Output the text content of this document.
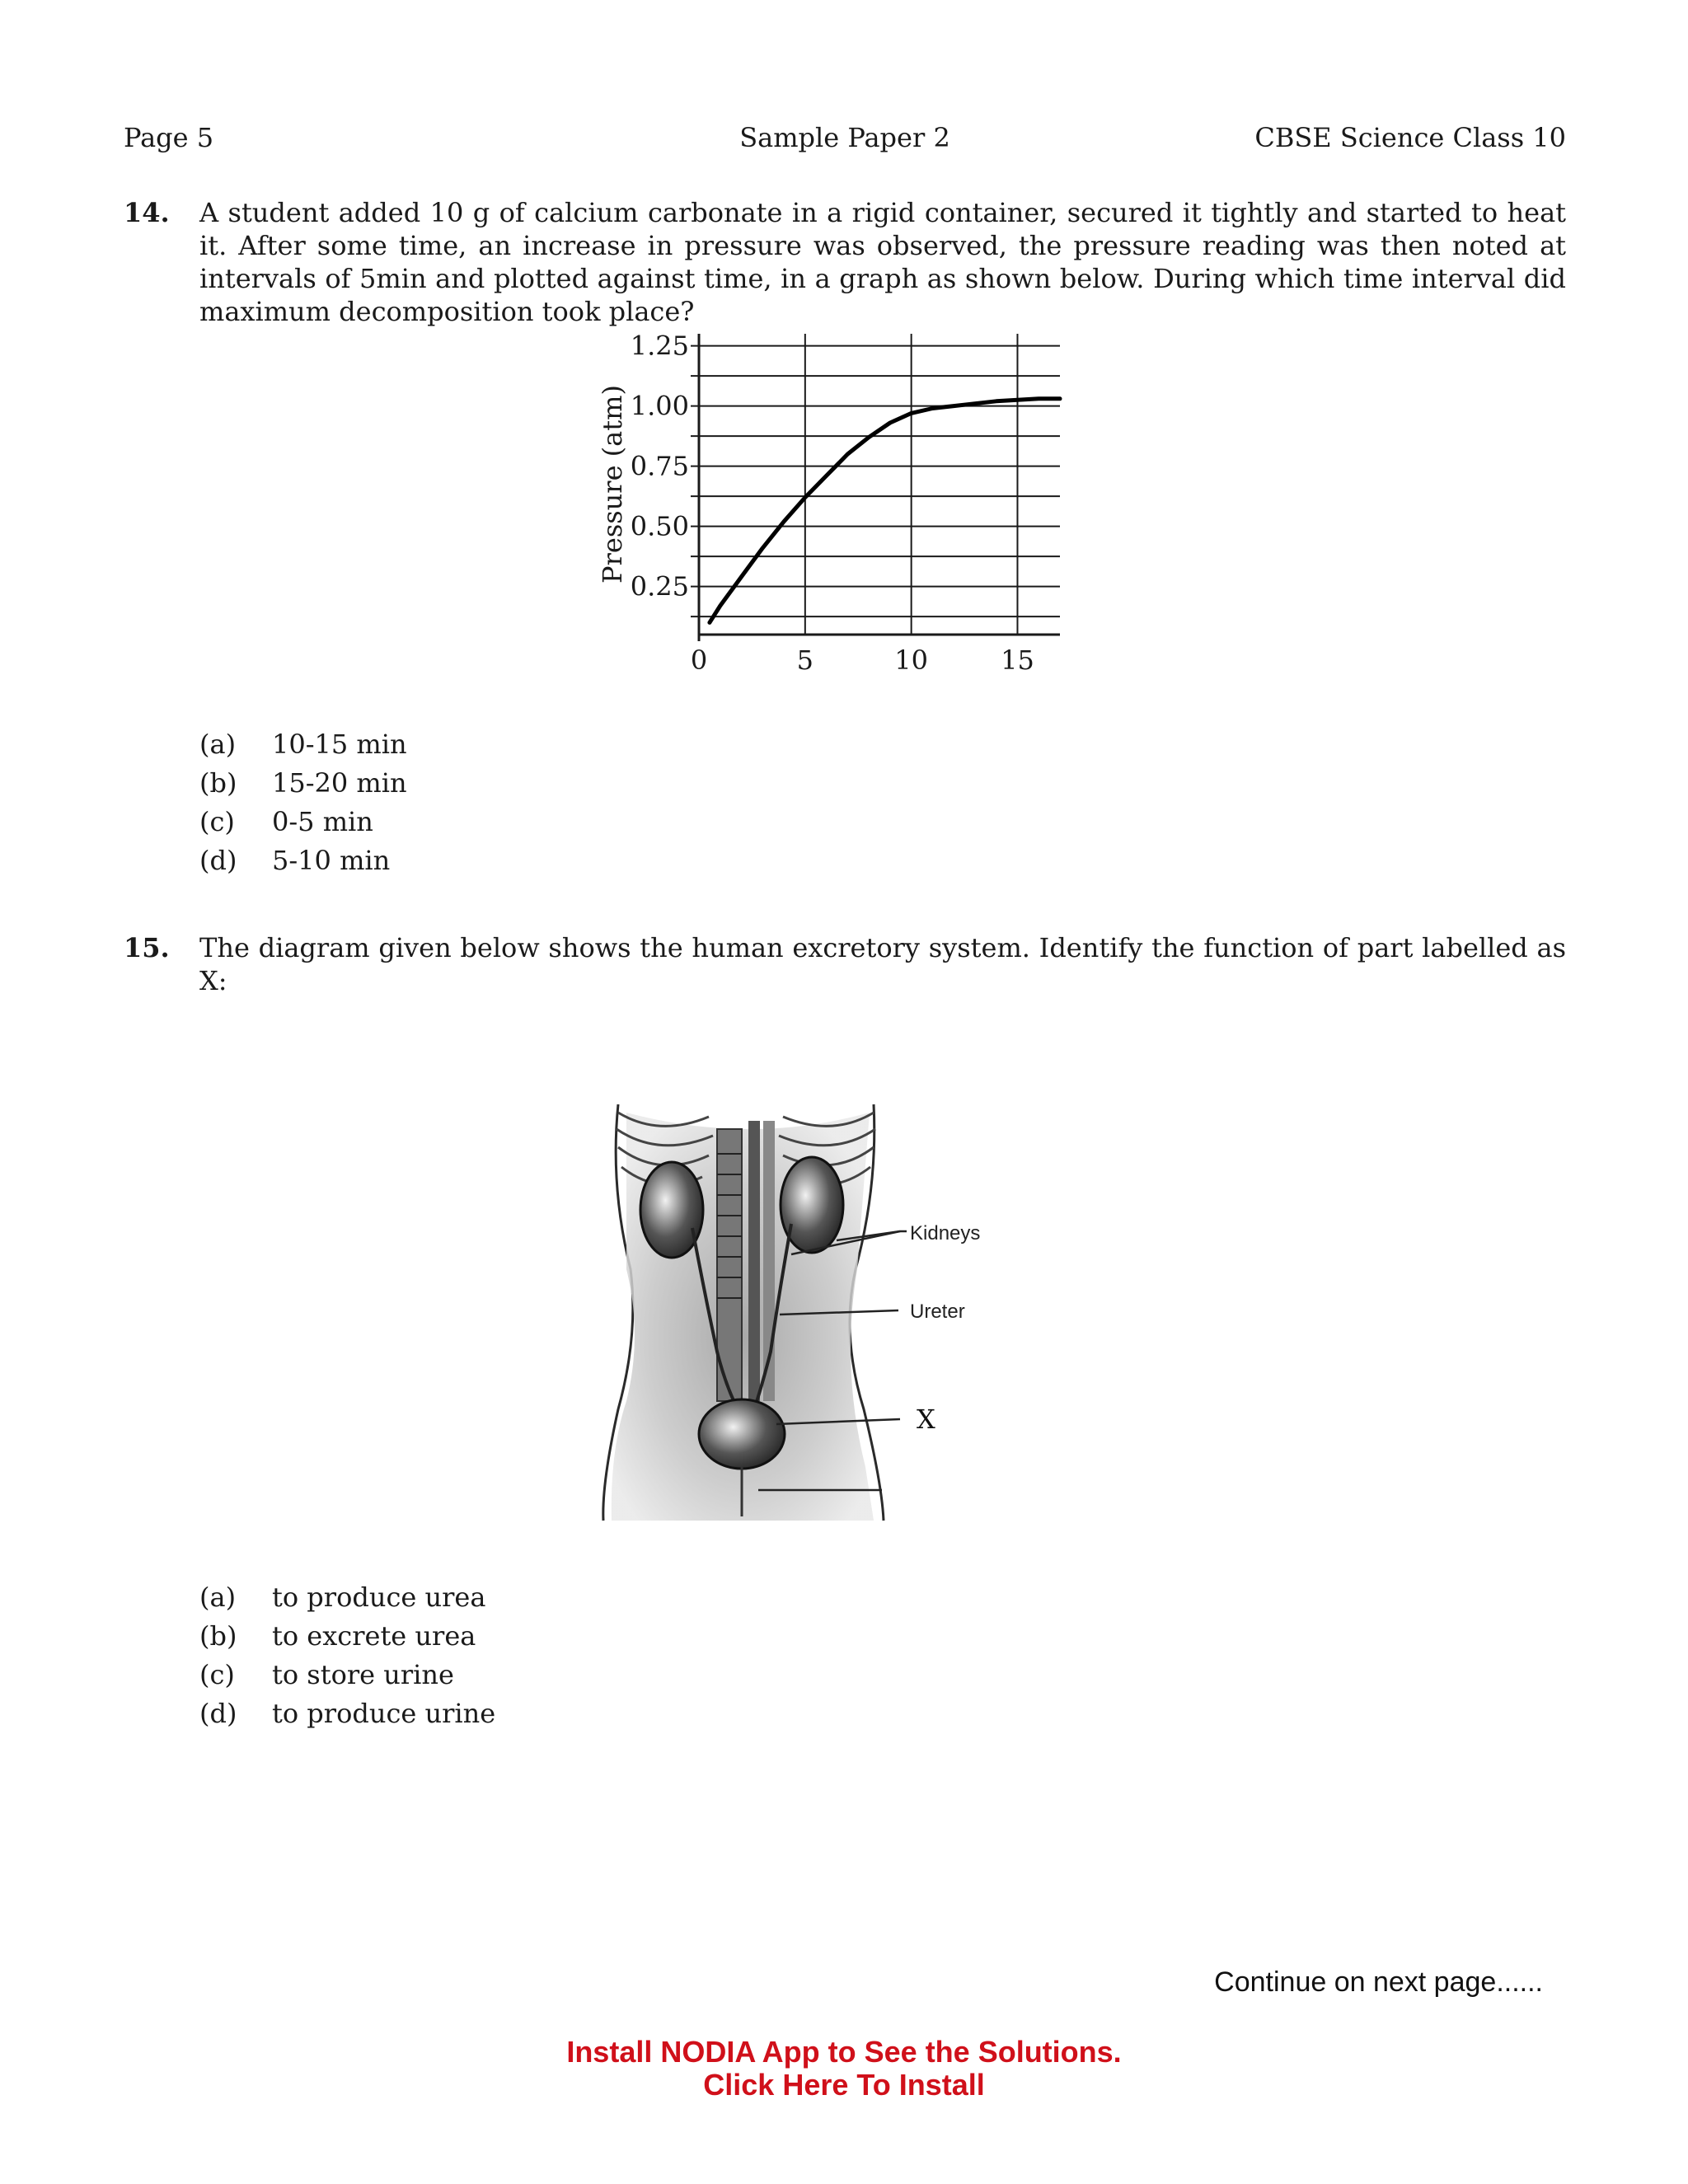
Page 5	Sample Paper 2	CBSE Science Class 10
14. A student added 10 g of calcium carbonate in a rigid container, secured it tightly and started to heat it. After some time, an increase in pressure was observed, the pressure reading was then noted at intervals of 5min and plotted against time, in a graph as shown below. During which time interval did maximum decomposition took place?
0.25
0.50
0.75
1.00
1.25
0	5	10	15
Pressure (atm)
(a) 10-15 min
(b) 15-20 min
(c) 0-5 min
(d) 5-10 min
15. The diagram given below shows the human excretory system. Identify the function of part labelled as X:
Kidneys
Ureter
X
(a) to produce urea
(b) to excrete urea
(c) to store urine
(d) to produce urine
Continue on next page......

Install NODIA App to See the Solutions.
Click Here To Install
